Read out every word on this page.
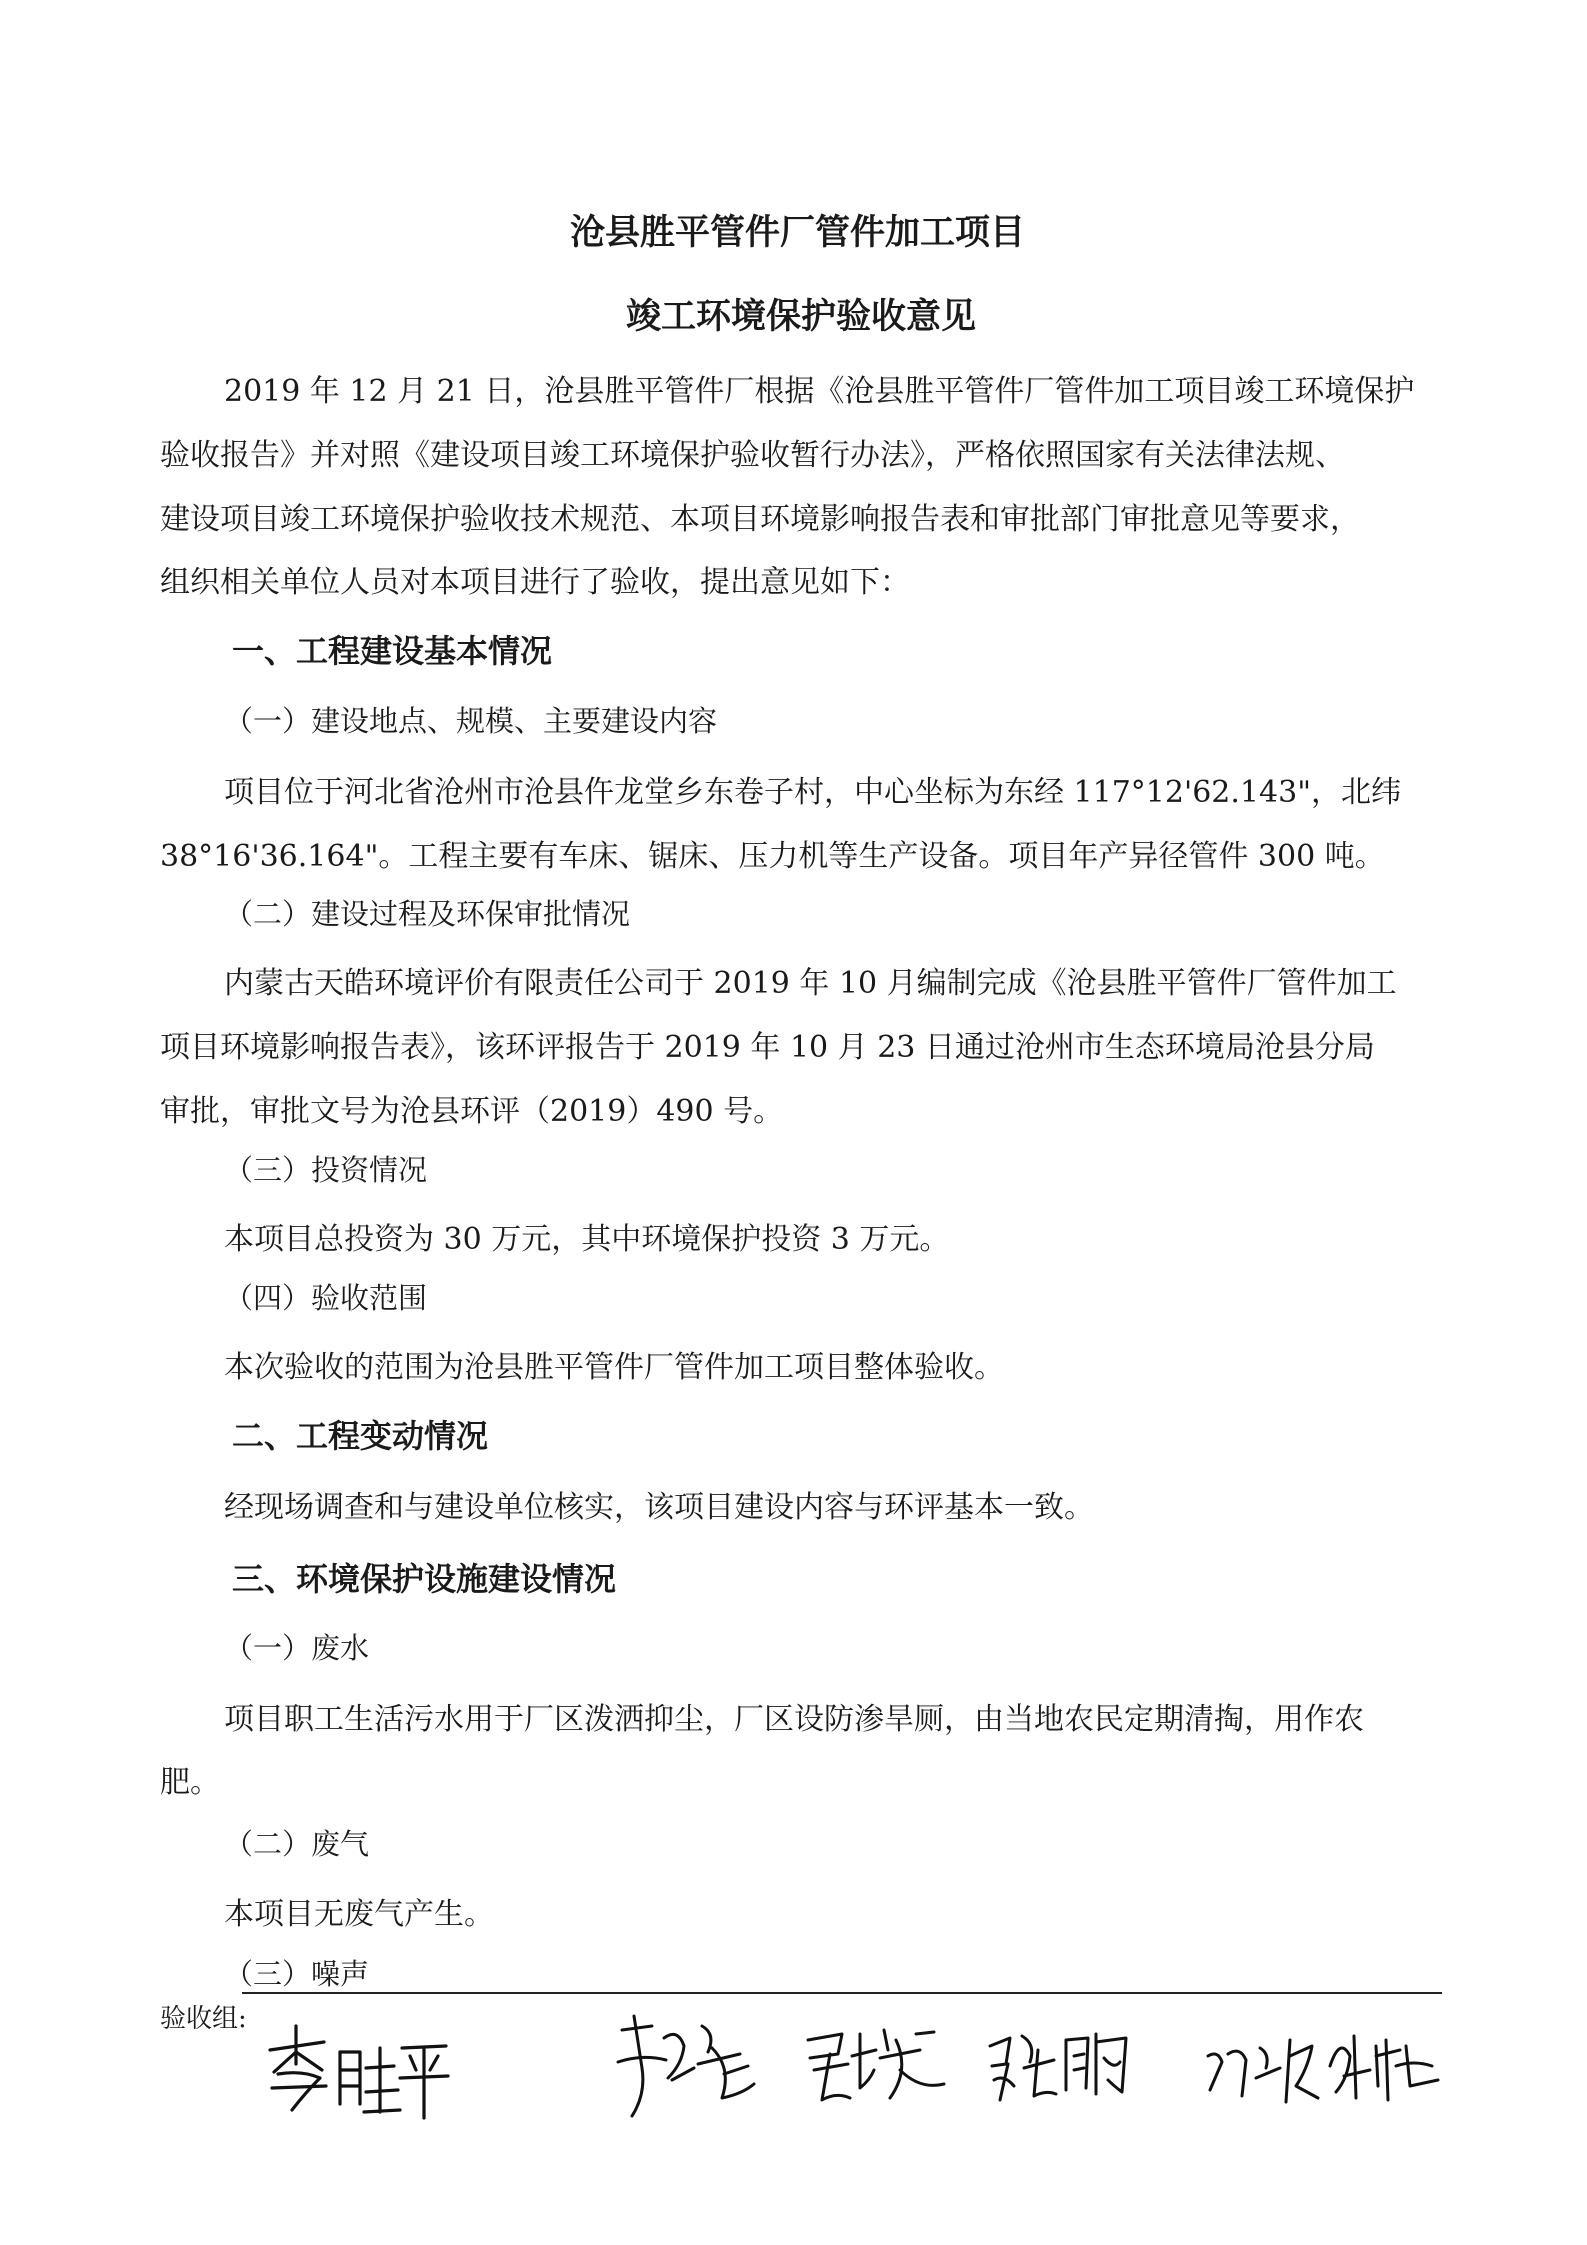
沧县胜平管件厂管件加工项目
竣工环境保护验收意见

2019 年 12 月 21 日，沧县胜平管件厂根据《沧县胜平管件厂管件加工项目竣工环境保护

验收报告》并对照《建设项目竣工环境保护验收暂行办法》，严格依照国家有关法律法规、

建设项目竣工环境保护验收技术规范、本项目环境影响报告表和审批部门审批意见等要求，

组织相关单位人员对本项目进行了验收，提出意见如下：

一、工程建设基本情况

（一）建设地点、规模、主要建设内容

项目位于河北省沧州市沧县仵龙堂乡东卷子村，中心坐标为东经 117°12'62.143"，北纬

38°16'36.164"。工程主要有车床、锯床、压力机等生产设备。项目年产异径管件 300 吨。

（二）建设过程及环保审批情况

内蒙古天皓环境评价有限责任公司于 2019 年 10 月编制完成《沧县胜平管件厂管件加工

项目环境影响报告表》，该环评报告于 2019 年 10 月 23 日通过沧州市生态环境局沧县分局

审批，审批文号为沧县环评（2019）490 号。

（三）投资情况

本项目总投资为 30 万元，其中环境保护投资 3 万元。

（四）验收范围

本次验收的范围为沧县胜平管件厂管件加工项目整体验收。

二、工程变动情况

经现场调查和与建设单位核实，该项目建设内容与环评基本一致。

三、环境保护设施建设情况

（一）废水

项目职工生活污水用于厂区泼洒抑尘，厂区设防渗旱厕，由当地农民定期清掏，用作农

肥。

（二）废气

本项目无废气产生。

（三）噪声

验收组:
